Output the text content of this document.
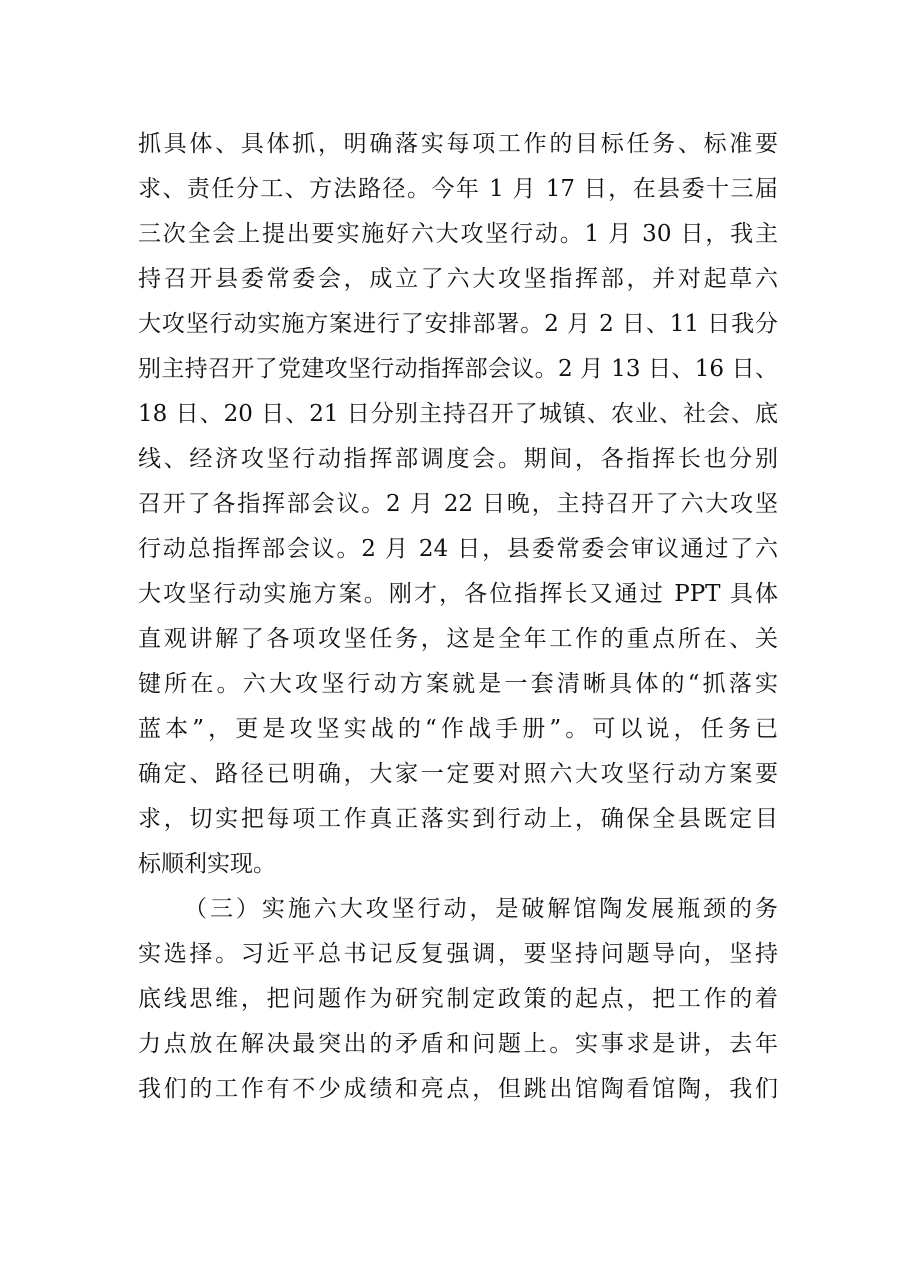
抓具体、具体抓，明确落实每项工作的目标任务、标准要
求、责任分工、方法路径。今年 1 月 17 日，在县委十三届
三次全会上提出要实施好六大攻坚行动。1 月 30 日，我主
持召开县委常委会，成立了六大攻坚指挥部，并对起草六
大攻坚行动实施方案进行了安排部署。2 月 2 日、11 日我分
别主持召开了党建攻坚行动指挥部会议。2 月 13 日、16 日、
18 日、20 日、21 日分别主持召开了城镇、农业、社会、底
线、经济攻坚行动指挥部调度会。期间，各指挥长也分别
召开了各指挥部会议。2 月 22 日晚，主持召开了六大攻坚
行动总指挥部会议。2 月 24 日，县委常委会审议通过了六
大攻坚行动实施方案。刚才，各位指挥长又通过 PPT 具体
直观讲解了各项攻坚任务，这是全年工作的重点所在、关
键所在。六大攻坚行动方案就是一套清晰具体的“抓落实
蓝本”，更是攻坚实战的“作战手册”。可以说，任务已
确定、路径已明确，大家一定要对照六大攻坚行动方案要
求，切实把每项工作真正落实到行动上，确保全县既定目
标顺利实现。
（三）实施六大攻坚行动，是破解馆陶发展瓶颈的务
实选择。习近平总书记反复强调，要坚持问题导向，坚持
底线思维，把问题作为研究制定政策的起点，把工作的着
力点放在解决最突出的矛盾和问题上。实事求是讲，去年
我们的工作有不少成绩和亮点，但跳出馆陶看馆陶，我们
